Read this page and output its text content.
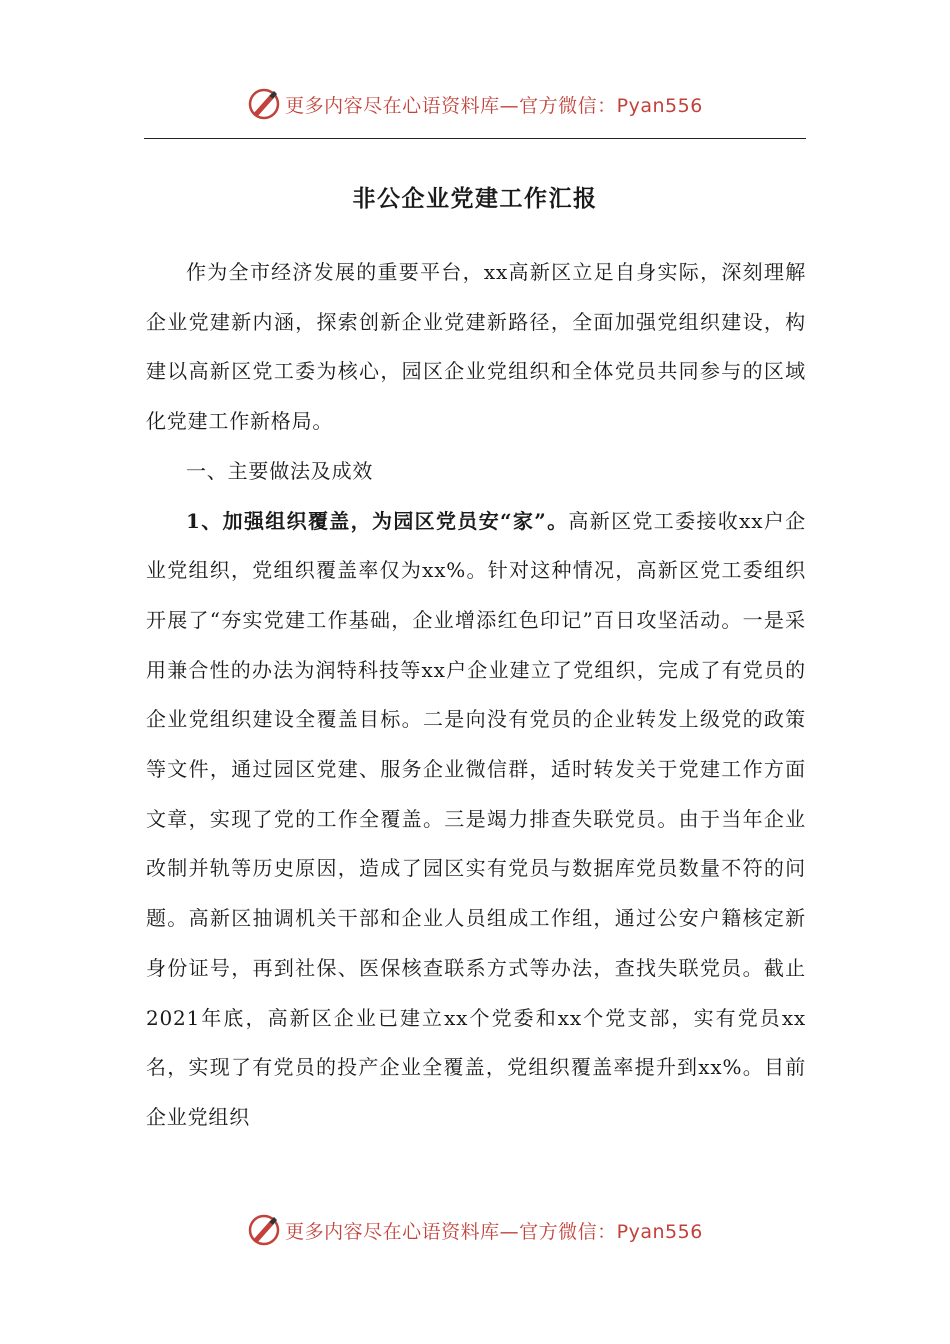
更多内容尽在心语资料库—官方微信：Pyan556
非公企业党建工作汇报

作为全市经济发展的重要平台，xx高新区立足自身实际，深刻理解企业党建新内涵，探索创新企业党建新路径，全面加强党组织建设，构建以高新区党工委为核心，园区企业党组织和全体党员共同参与的区域化党建工作新格局。

一、主要做法及成效

1、加强组织覆盖，为园区党员安“家”。高新区党工委接收xx户企业党组织，党组织覆盖率仅为xx%。针对这种情况，高新区党工委组织开展了“夯实党建工作基础，企业增添红色印记”百日攻坚活动。一是采用兼合性的办法为润特科技等xx户企业建立了党组织，完成了有党员的企业党组织建设全覆盖目标。二是向没有党员的企业转发上级党的政策等文件，通过园区党建、服务企业微信群，适时转发关于党建工作方面文章，实现了党的工作全覆盖。三是竭力排查失联党员。由于当年企业改制并轨等历史原因，造成了园区实有党员与数据库党员数量不符的问题。高新区抽调机关干部和企业人员组成工作组，通过公安户籍核定新身份证号，再到社保、医保核查联系方式等办法，查找失联党员。截止2021年底，高新区企业已建立xx个党委和xx个党支部，实有党员xx名，实现了有党员的投产企业全覆盖，党组织覆盖率提升到xx%。目前企业党组织

更多内容尽在心语资料库—官方微信：Pyan556
